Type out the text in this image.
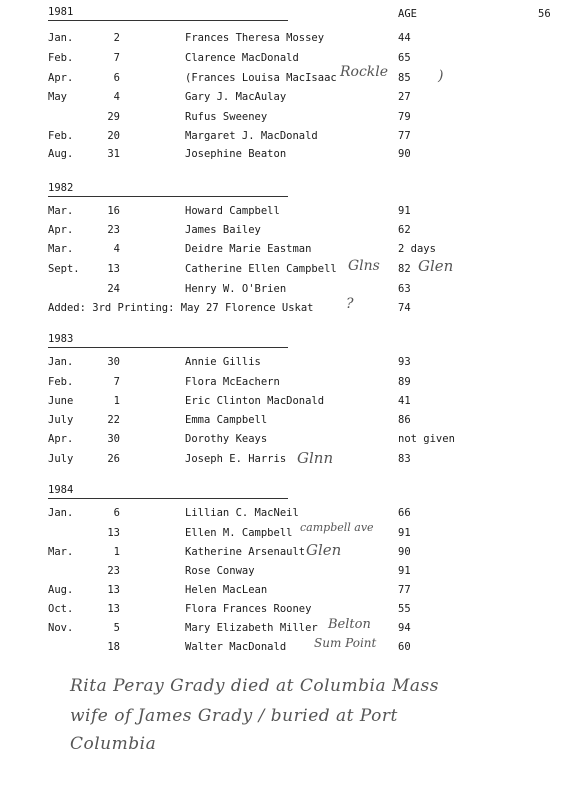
AGE	56
1981
Jan.	2	Frances Theresa Mossey	44
Feb.	7	Clarence MacDonald	65
Apr.	6	(Frances Louisa MacIsaac	85
May	4	Gary J. MacAulay	27
29	Rufus Sweeney	79
Feb.	20	Margaret J. MacDonald	77
Aug.	31	Josephine Beaton	90
1982
Mar.	16	Howard Campbell	91
Apr.	23	James Bailey	62
Mar.	4	Deidre Marie Eastman	2 days
Sept.	13	Catherine Ellen Campbell	82
24	Henry W. O'Brien	63
Added: 3rd Printing: May 27 Florence Uskat	74
1983
Jan.	30	Annie Gillis	93
Feb.	7	Flora McEachern	89
June	1	Eric Clinton MacDonald	41
July	22	Emma Campbell	86
Apr.	30	Dorothy Keays	not given
July	26	Joseph E. Harris	83
1984
Jan.	6	Lillian C. MacNeil	66
13	Ellen M. Campbell	91
Mar.	1	Katherine Arsenault	90
23	Rose Conway	91
Aug.	13	Helen MacLean	77
Oct.	13	Flora Frances Rooney	55
Nov.	5	Mary Elizabeth Miller	94
18	Walter MacDonald	60
Rockle	)
Glns	Glen
?
Glnn
campbell ave
Glen
Belton
Sum Point
Rita Peray Grady died at Columbia Mass
wife of James Grady / buried at Port
Columbia
